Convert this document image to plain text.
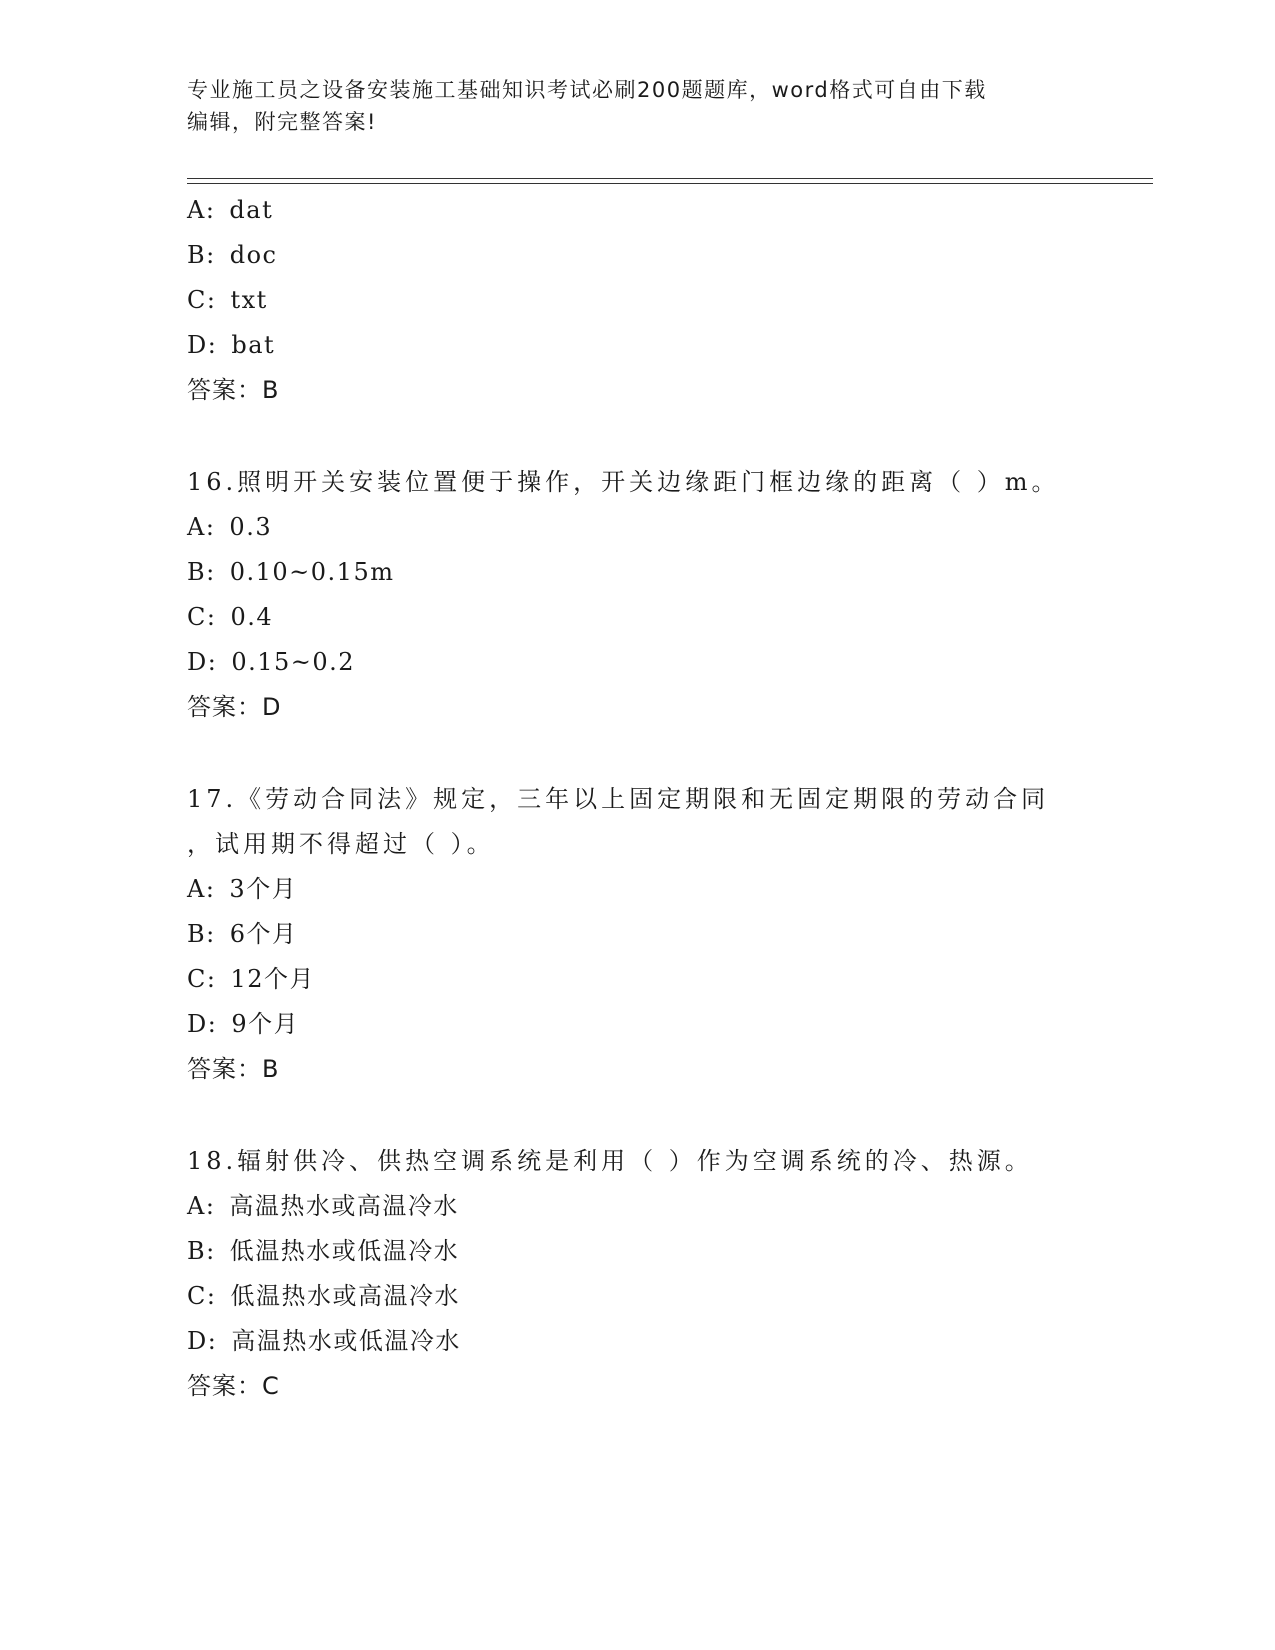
专业施工员之设备安装施工基础知识考试必刷200题题库，word格式可自由下载
编辑，附完整答案!
A: dat
B: doc
C: txt
D: bat
答案：B
16.照明开关安装位置便于操作，开关边缘距门框边缘的距离（ ）m。
A: 0.3
B: 0.10~0.15m
C: 0.4
D: 0.15~0.2
答案：D
17.《劳动合同法》规定，三年以上固定期限和无固定期限的劳动合同
，试用期不得超过（ ）。
A: 3个月
B: 6个月
C: 12个月
D: 9个月
答案：B
18.辐射供冷、供热空调系统是利用（ ）作为空调系统的冷、热源。
A: 高温热水或高温冷水
B: 低温热水或低温冷水
C: 低温热水或高温冷水
D: 高温热水或低温冷水
答案：C
